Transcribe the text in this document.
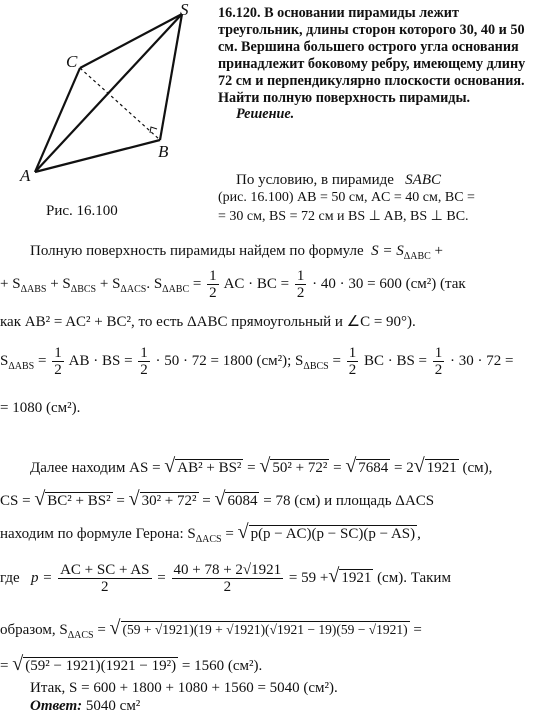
S
C
B
A
Рис. 16.100
16.120. В основании пирамиды лежит треугольник, длины сторон которого 30, 40 и 50 см. Вершина большего острого угла основания принадлежит боковому ребру, имеющему длину 72 см и перпендикулярно плоскости основания. Найти полную поверхность пирамиды.
Решение.
По условию, в пирамиде SABC
(рис. 16.100) AB = 50 см, AC = 40 см, BC =
= 30 см, BS = 72 см и BS ⊥ AB, BS ⊥ BC.
Полную поверхность пирамиды найдем по формуле $S = S_{\Delta ABC}$ +
+ $S_{\Delta ABS} + S_{\Delta BCS} + S_{\Delta ACS}$. $S_{\Delta ABC} = \frac{1}{2}$ AC · BC = $\frac{1}{2} \cdot 40 \cdot 30 = 600$ (см²) (так
как AB² = AC² + BC², то есть ΔABC прямоугольный и ∠C = 90°).
$S_{\Delta ABS} = \frac{1}{2}$ AB · BS = $\frac{1}{2} \cdot 50 \cdot 72 = 1800$ (см²); $S_{\Delta BCS} = \frac{1}{2}$ BC · BS = $\frac{1}{2} \cdot 30 \cdot 72$ =
= 1080 (см²).
Далее находим AS = √ AB² + BS² = √ 50² + 72² = √ 7684 = 2√ 1921 (см),
CS = √ BC² + BS² = √ 30² + 72² = √ 6084 = 78 (см) и площадь ΔACS
находим по формуле Герона: $S_{\Delta ACS}$ = √ p(p − AC)(p − SC)(p − AS) ,
где $p = \frac{AC + SC + AS}{2} = \frac{40 + 78 + 2√1921}{2} = 59$ +√ 1921 (см). Таким
образом, $S_{\Delta ACS}$ = √ (59 + √1921)(19 + √1921)(√1921 − 19)(59 − √1921) =
= √ (59² − 1921)(1921 − 19²) = 1560 (см²).
Итак, S = 600 + 1800 + 1080 + 1560 = 5040 (см²).
Ответ: 5040 см²
